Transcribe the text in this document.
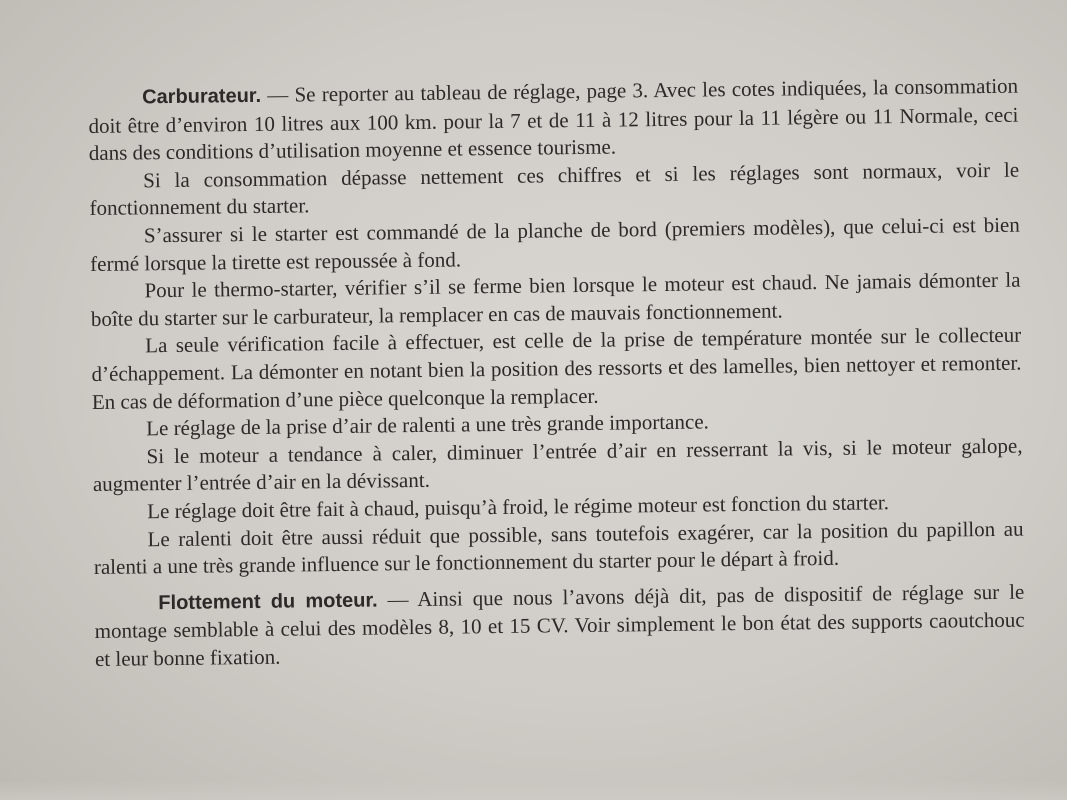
Carburateur. — Se reporter au tableau de réglage, page 3. Avec les cotes indiquées, la consommation doit être d’environ 10 litres aux 100 km. pour la 7 et de 11 à 12 litres pour la 11 légère ou 11 Normale, ceci dans des conditions d’utilisation moyenne et essence tourisme.

Si la consommation dépasse nettement ces chiffres et si les réglages sont normaux, voir le fonctionnement du starter.

S’assurer si le starter est commandé de la planche de bord (premiers modèles), que celui-ci est bien fermé lorsque la tirette est repoussée à fond.

Pour le thermo-starter, vérifier s’il se ferme bien lorsque le moteur est chaud. Ne jamais démonter la boîte du starter sur le carburateur, la remplacer en cas de mauvais fonctionnement.

La seule vérification facile à effectuer, est celle de la prise de température montée sur le collecteur d’échappement. La démonter en notant bien la position des ressorts et des lamelles, bien nettoyer et remonter. En cas de déformation d’une pièce quelconque la remplacer.

Le réglage de la prise d’air de ralenti a une très grande importance.

Si le moteur a tendance à caler, diminuer l’entrée d’air en resserrant la vis, si le moteur galope, augmenter l’entrée d’air en la dévissant.

Le réglage doit être fait à chaud, puisqu’à froid, le régime moteur est fonction du starter.

Le ralenti doit être aussi réduit que possible, sans toutefois exagérer, car la position du papillon au ralenti a une très grande influence sur le fonctionnement du starter pour le départ à froid.

Flottement du moteur. — Ainsi que nous l’avons déjà dit, pas de dispositif de réglage sur le montage semblable à celui des modèles 8, 10 et 15 CV. Voir simplement le bon état des supports caoutchouc et leur bonne fixation.
